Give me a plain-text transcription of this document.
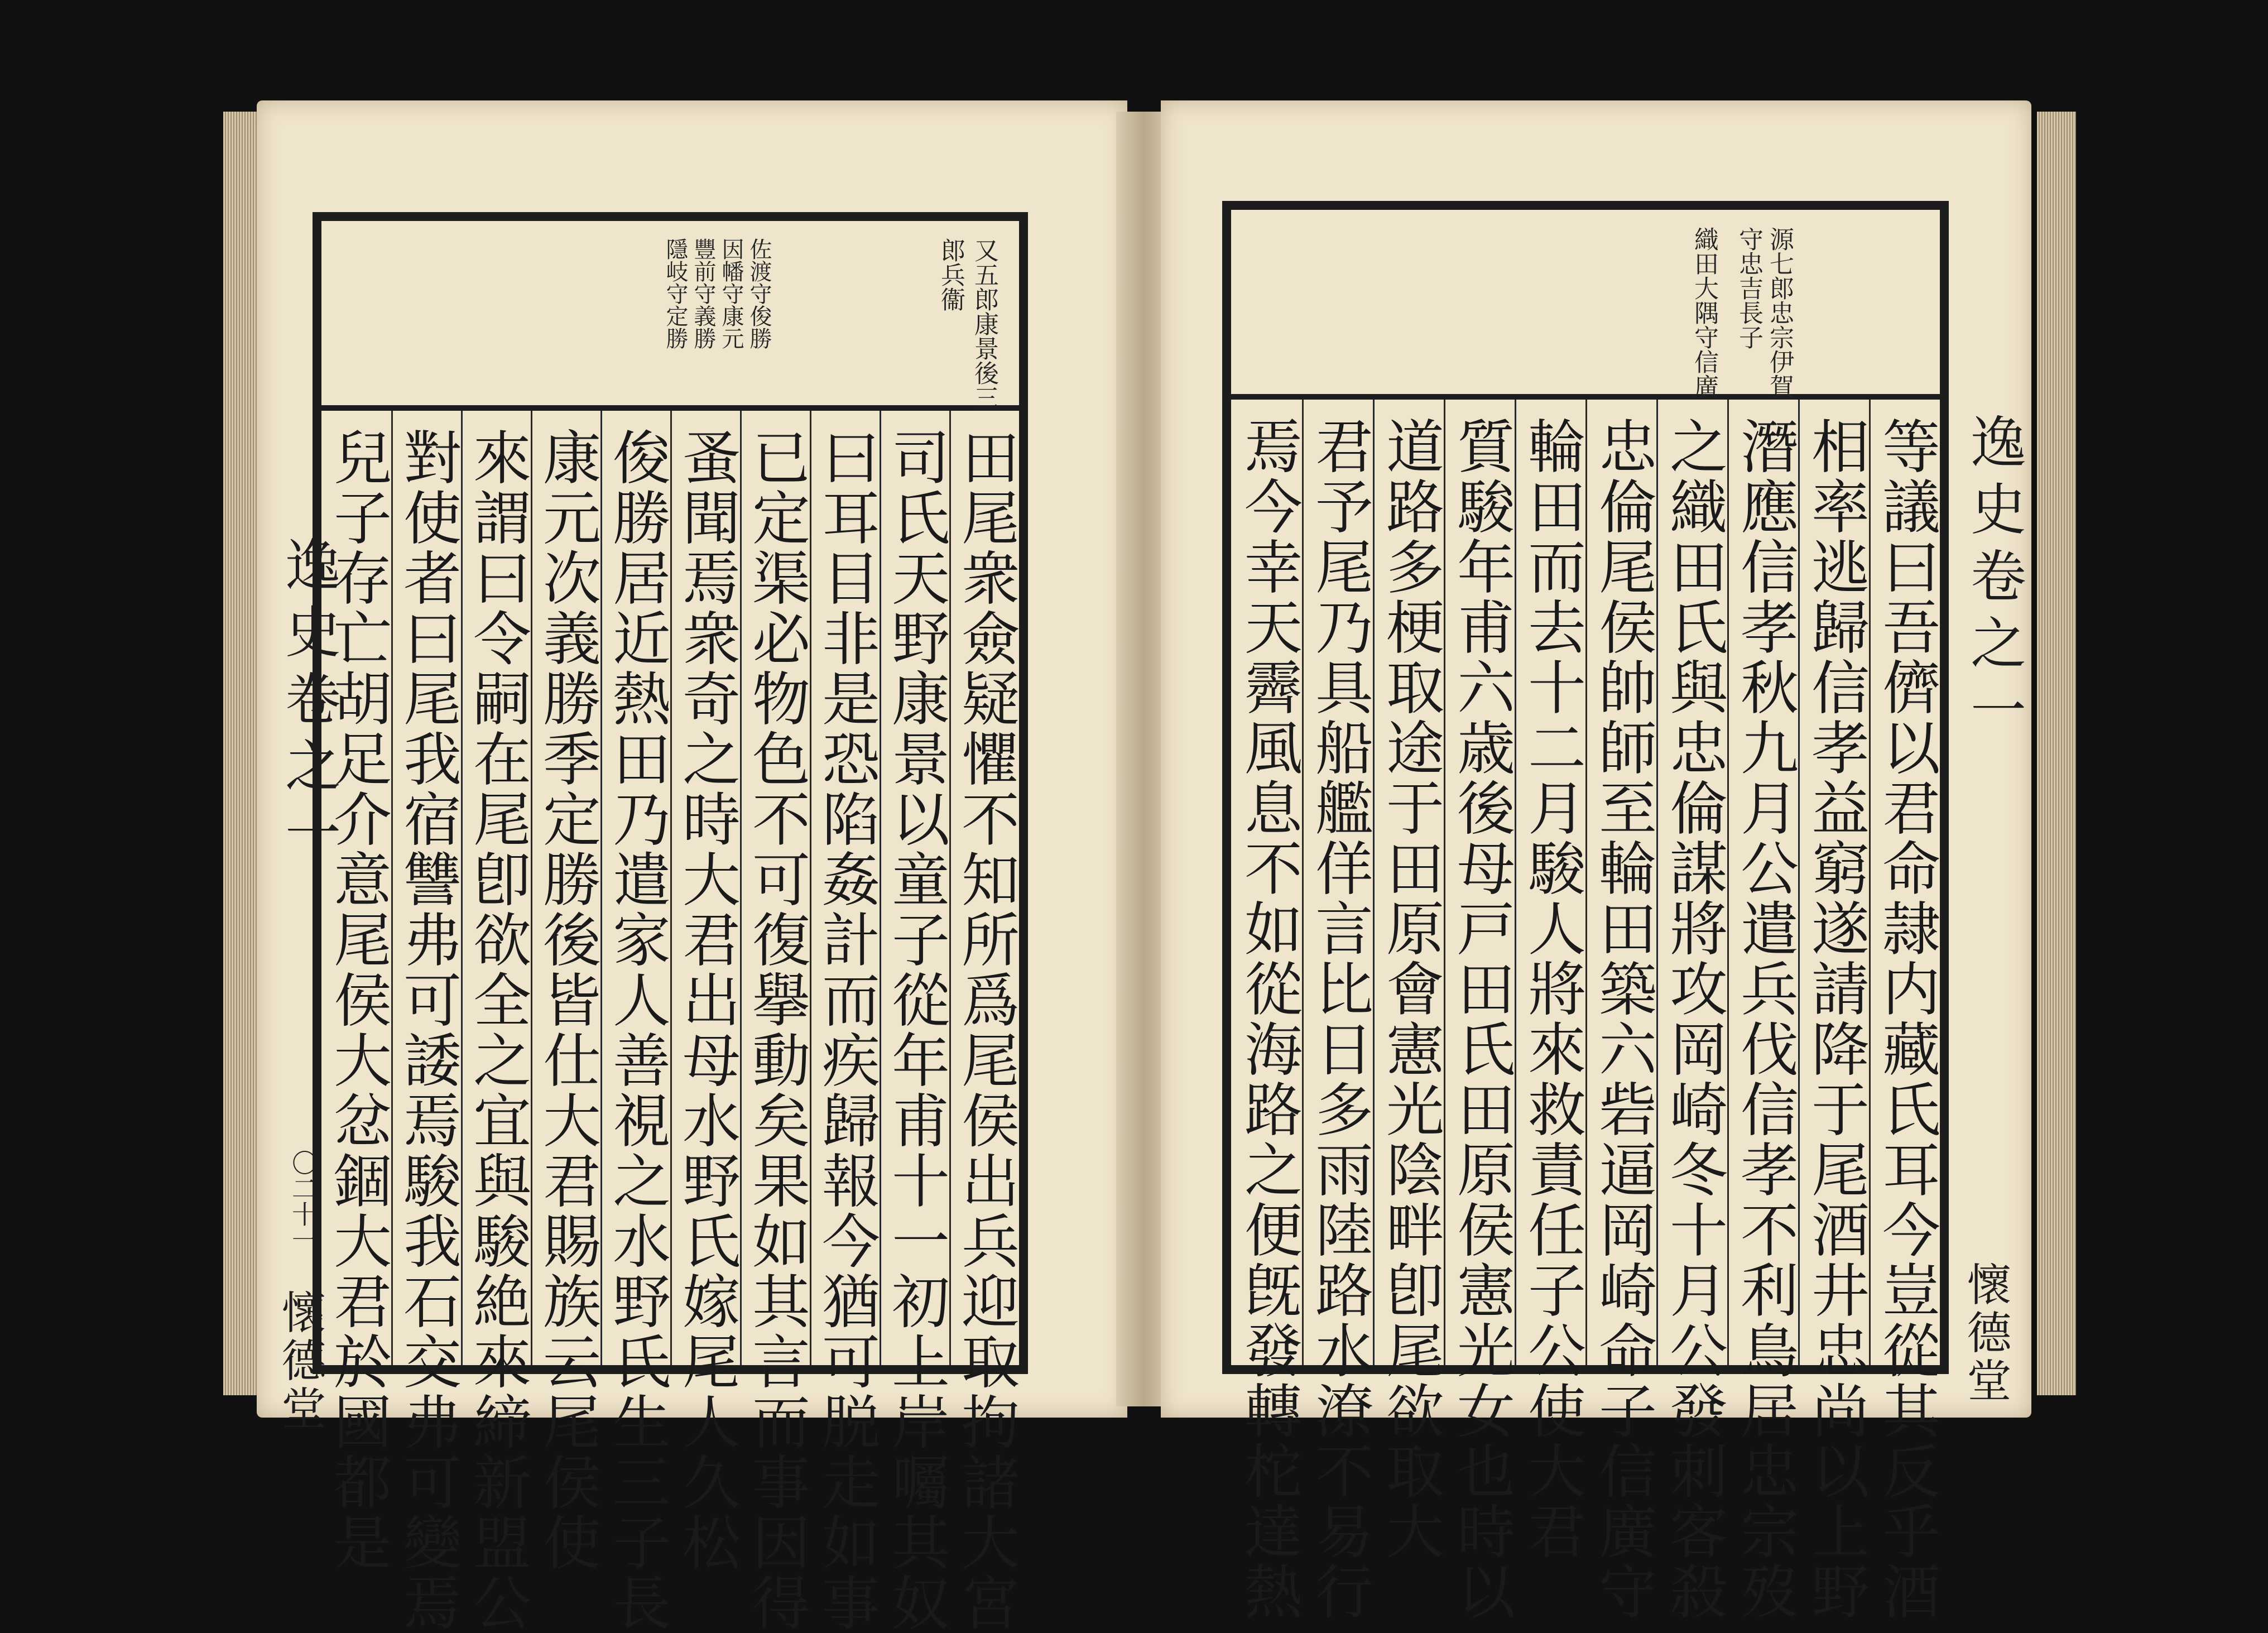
逸史卷之一
〇二十一
懷德堂
又五郎康景後三
郎兵衞
佐渡守俊勝
因幡守康元
豐前守義勝
隱岐守定勝
田尾衆僉疑懼不知所爲尾侯出兵迎取拘諸大宮
司氏天野康景以童子從年甫十一初上岸囑其奴
曰耳目非是恐陷姦計而疾歸報今猶可脱走如事
已定渠必物色不可復擧動矣果如其言而事因得
蚤聞焉衆奇之時大君出母水野氏嫁尾人久松
俊勝居近熱田乃遣家人善視之水野氏生三子長
康元次義勝季定勝後皆仕大君賜族云尾侯使
來謂曰令嗣在尾卽欲全之宜與駿絶來締新盟公
對使者曰尾我宿讐弗可諉焉駿我石交弗可變焉
兒子存亡胡足介意尾侯大忿錮大君於國都是
源七郎忠宗伊賀
守忠吉長子
織田大隅守信廣
等議曰吾儕以君命隷内藏氏耳今豈從其反乎酒
相率逃歸信孝益窮遂請降于尾酒井忠尚以上野
潛應信孝秋九月公遣兵伐信孝不利鳥居忠宗歿
之織田氏與忠倫謀將攻岡崎冬十月公發刺客殺
忠倫尾侯帥師至輪田築六砦逼岡崎命子信廣守
輪田而去十二月駿人將來救責任子公使大君
質駿年甫六歳後母戸田氏田原侯憲光女也時以
道路多梗取途于田原會憲光陰畔卽尾欲取大
君予尾乃具船艦佯言比日多雨陸路水潦不易行
焉今幸天霽風息不如從海路之便旣發轉柁達熱	逸史卷之一
懷德堂
